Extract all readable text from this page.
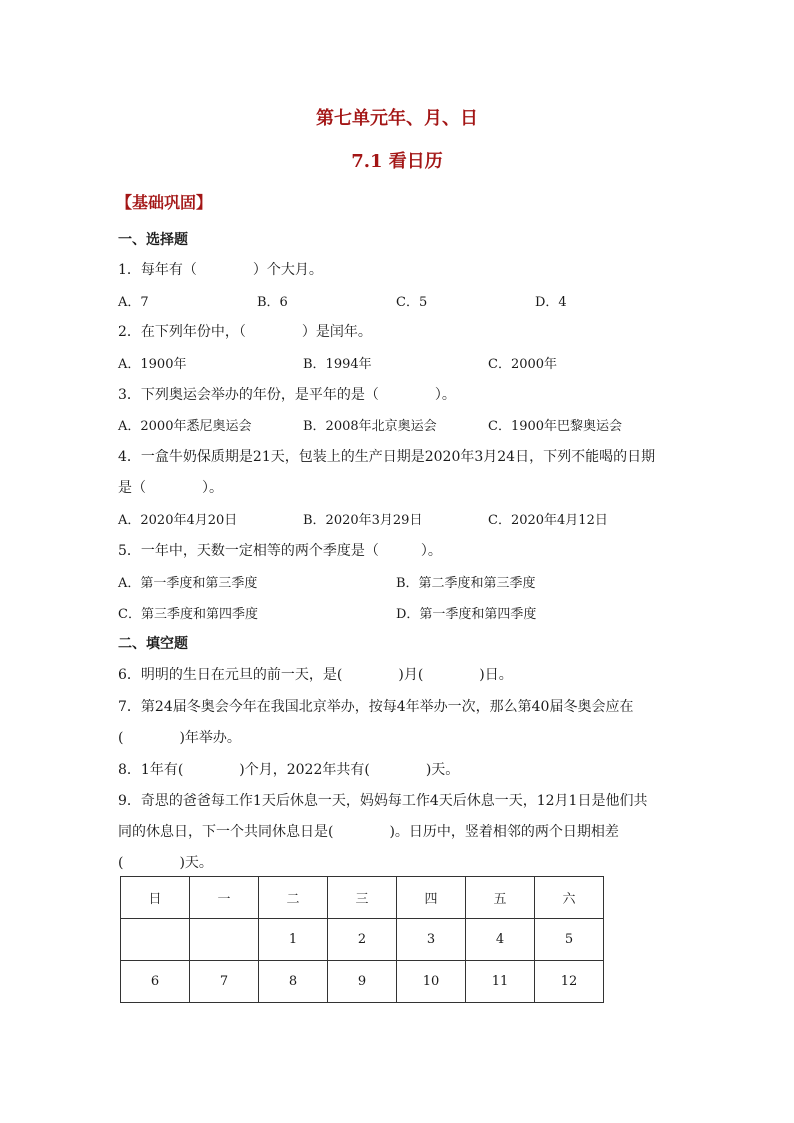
第七单元年、月、日
7.1 看日历
【基础巩固】
一、选择题
1．每年有（　　　　）个大月。
A．7	B．6	C．5	D．4
2．在下列年份中，（　　　　）是闰年。
A．1900年	B．1994年	C．2000年
3．下列奥运会举办的年份，是平年的是（　　　　）。
A．2000年悉尼奥运会	B．2008年北京奥运会	C．1900年巴黎奥运会
4．一盒牛奶保质期是21天，包装上的生产日期是2020年3月24日，下列不能喝的日期
是（　　　　）。
A．2020年4月20日	B．2020年3月29日	C．2020年4月12日
5．一年中，天数一定相等的两个季度是（　　　）。
A．第一季度和第三季度	B．第二季度和第三季度
C．第三季度和第四季度	D．第一季度和第四季度
二、填空题
6．明明的生日在元旦的前一天，是(　　　　)月(　　　　)日。
7．第24届冬奥会今年在我国北京举办，按每4年举办一次，那么第40届冬奥会应在
(　　　　)年举办。
8．1年有(　　　　)个月，2022年共有(　　　　)天。
9．奇思的爸爸每工作1天后休息一天，妈妈每工作4天后休息一天，12月1日是他们共
同的休息日，下一个共同休息日是(　　　　)。日历中，竖着相邻的两个日期相差
(　　　　)天。
日	一	二	三	四	五	六
		1	2	3	4	5
6	7	8	9	10	11	12
